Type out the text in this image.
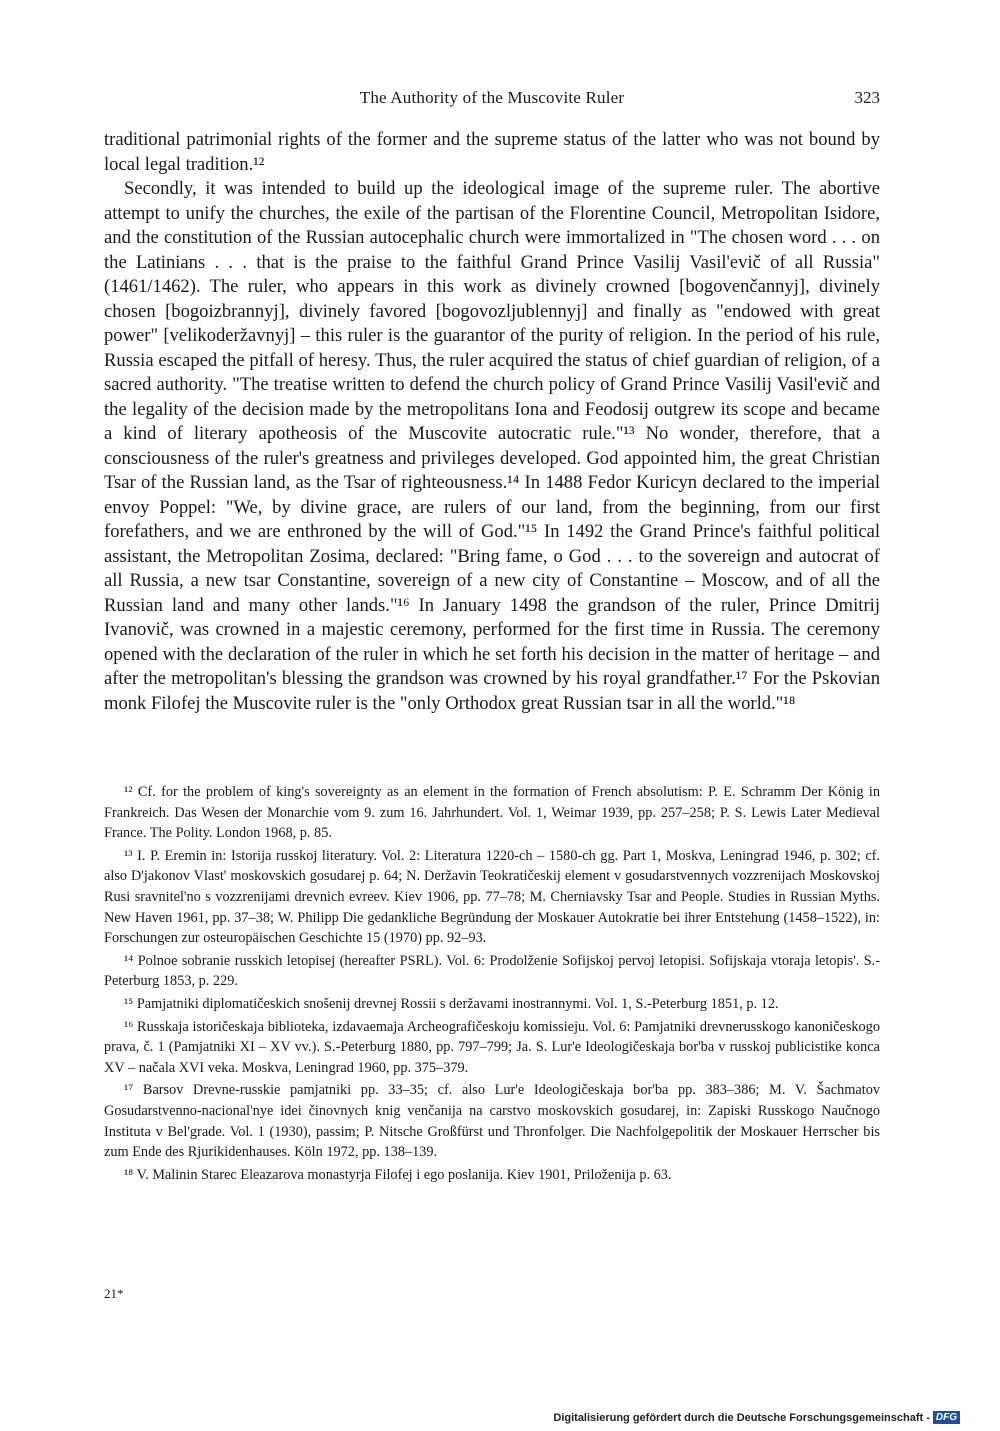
The Authority of the Muscovite Ruler	323

traditional patrimonial rights of the former and the supreme status of the latter who was not bound by local legal tradition.¹²

Secondly, it was intended to build up the ideological image of the supreme ruler. The abortive attempt to unify the churches, the exile of the partisan of the Florentine Council, Metropolitan Isidore, and the constitution of the Russian autocephalic church were immortalized in "The chosen word . . . on the Latinians . . . that is the praise to the faithful Grand Prince Vasilij Vasil'evič of all Russia" (1461/1462). The ruler, who appears in this work as divinely crowned [bogovenčannyj], divinely chosen [bogoizbrannyj], divinely favored [bogovozljublennyj] and finally as "endowed with great power" [velikoderžavnyj] – this ruler is the guarantor of the purity of religion. In the period of his rule, Russia escaped the pitfall of heresy. Thus, the ruler acquired the status of chief guardian of religion, of a sacred authority. "The treatise written to defend the church policy of Grand Prince Vasilij Vasil'evič and the legality of the decision made by the metropolitans Iona and Feodosij outgrew its scope and became a kind of literary apotheosis of the Muscovite autocratic rule."¹³ No wonder, therefore, that a consciousness of the ruler's greatness and privileges developed. God appointed him, the great Christian Tsar of the Russian land, as the Tsar of righteousness.¹⁴ In 1488 Fedor Kuricyn declared to the imperial envoy Poppel: "We, by divine grace, are rulers of our land, from the beginning, from our first forefathers, and we are enthroned by the will of God."¹⁵ In 1492 the Grand Prince's faithful political assistant, the Metropolitan Zosima, declared: "Bring fame, o God . . . to the sovereign and autocrat of all Russia, a new tsar Constantine, sovereign of a new city of Constantine – Moscow, and of all the Russian land and many other lands."¹⁶ In January 1498 the grandson of the ruler, Prince Dmitrij Ivanovič, was crowned in a majestic ceremony, performed for the first time in Russia. The ceremony opened with the declaration of the ruler in which he set forth his decision in the matter of heritage – and after the metropolitan's blessing the grandson was crowned by his royal grandfather.¹⁷ For the Pskovian monk Filofej the Muscovite ruler is the "only Orthodox great Russian tsar in all the world."¹⁸

¹² Cf. for the problem of king's sovereignty as an element in the formation of French absolutism: P. E. Schramm Der König in Frankreich. Das Wesen der Monarchie vom 9. zum 16. Jahrhundert. Vol. 1, Weimar 1939, pp. 257–258; P. S. Lewis Later Medieval France. The Polity. London 1968, p. 85.

¹³ I. P. Eremin in: Istorija russkoj literatury. Vol. 2: Literatura 1220-ch – 1580-ch gg. Part 1, Moskva, Leningrad 1946, p. 302; cf. also D'jakonov Vlast' moskovskich gosudarej p. 64; N. Deržavin Teokratičeskij element v gosudarstvennych vozzrenijach Moskovskoj Rusi sravnitel'no s vozzrenijami drevnich evreev. Kiev 1906, pp. 77–78; M. Cherniavsky Tsar and People. Studies in Russian Myths. New Haven 1961, pp. 37–38; W. Philipp Die gedankliche Begründung der Moskauer Autokratie bei ihrer Entstehung (1458–1522), in: Forschungen zur osteuropäischen Geschichte 15 (1970) pp. 92–93.

¹⁴ Polnoe sobranie russkich letopisej (hereafter PSRL). Vol. 6: Prodolženie Sofijskoj pervoj letopisi. Sofijskaja vtoraja letopis'. S.-Peterburg 1853, p. 229.

¹⁵ Pamjatniki diplomatičeskich snošenij drevnej Rossii s deržavami inostrannymi. Vol. 1, S.-Peterburg 1851, p. 12.

¹⁶ Russkaja istoričeskaja biblioteka, izdavaemaja Archeografičeskoju komissieju. Vol. 6: Pamjatniki drevnerusskogo kanoničeskogo prava, č. 1 (Pamjatniki XI – XV vv.). S.-Peterburg 1880, pp. 797–799; Ja. S. Lur'e Ideologičeskaja bor'ba v russkoj publicistike konca XV – načala XVI veka. Moskva, Leningrad 1960, pp. 375–379.

¹⁷ Barsov Drevne-russkie pamjatniki pp. 33–35; cf. also Lur'e Ideologičeskaja bor'ba pp. 383–386; M. V. Šachmatov Gosudarstvenno-nacional'nye idei činovnych knig venčanija na carstvo moskovskich gosudarej, in: Zapiski Russkogo Naučnogo Instituta v Bel'grade. Vol. 1 (1930), passim; P. Nitsche Großfürst und Thronfolger. Die Nachfolgepolitik der Moskauer Herrscher bis zum Ende des Rjurikidenhauses. Köln 1972, pp. 138–139.

¹⁸ V. Malinin Starec Eleazarova monastyrja Filofej i ego poslanija. Kiev 1901, Priloženija p. 63.

21*
Digitalisierung gefördert durch die Deutsche Forschungsgemeinschaft - DFG
